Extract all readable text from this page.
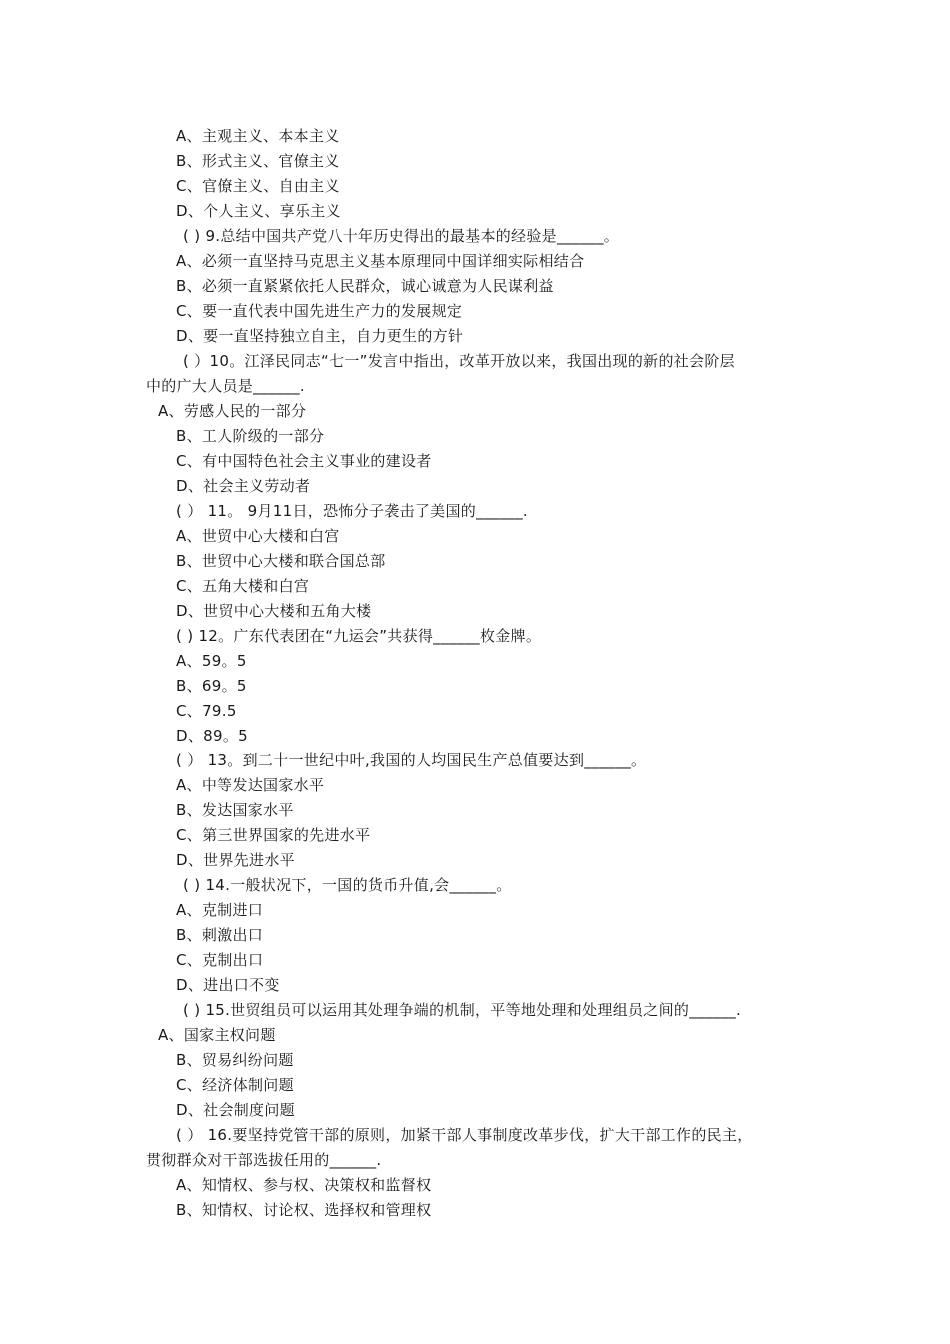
A、主观主义、本本主义
B、形式主义、官僚主义
C、官僚主义、自由主义
D、个人主义、享乐主义
( ) 9.总结中国共产党八十年历史得出的最基本的经验是______。
A、必须一直坚持马克思主义基本原理同中国详细实际相结合
B、必须一直紧紧依托人民群众，诚心诚意为人民谋利益
C、要一直代表中国先进生产力的发展规定
D、要一直坚持独立自主，自力更生的方针
( ）10。江泽民同志“七一”发言中指出，改革开放以来，我国出现的新的社会阶层
中的广大人员是______.
A、劳感人民的一部分
B、工人阶级的一部分
C、有中国特色社会主义事业的建设者
D、社会主义劳动者
( ） 11。 9月11日，恐怖分子袭击了美国的______.
A、世贸中心大楼和白宫
B、世贸中心大楼和联合国总部
C、五角大楼和白宫
D、世贸中心大楼和五角大楼
( ) 12。广东代表团在“九运会”共获得______枚金牌。
A、59。5
B、69。5
C、79.5
D、89。5
( ） 13。到二十一世纪中叶,我国的人均国民生产总值要达到______。
A、中等发达国家水平
B、发达国家水平
C、第三世界国家的先进水平
D、世界先进水平
( ) 14.一般状况下，一国的货币升值,会______。
A、克制进口
B、刺激出口
C、克制出口
D、进出口不变
( ) 15.世贸组员可以运用其处理争端的机制，平等地处理和处理组员之间的______.
A、国家主权问题
B、贸易纠纷问题
C、经济体制问题
D、社会制度问题
( ） 16.要坚持党管干部的原则，加紧干部人事制度改革步伐，扩大干部工作的民主，
贯彻群众对干部选拔任用的______.
A、知情权、参与权、决策权和监督权
B、知情权、讨论权、选择权和管理权
